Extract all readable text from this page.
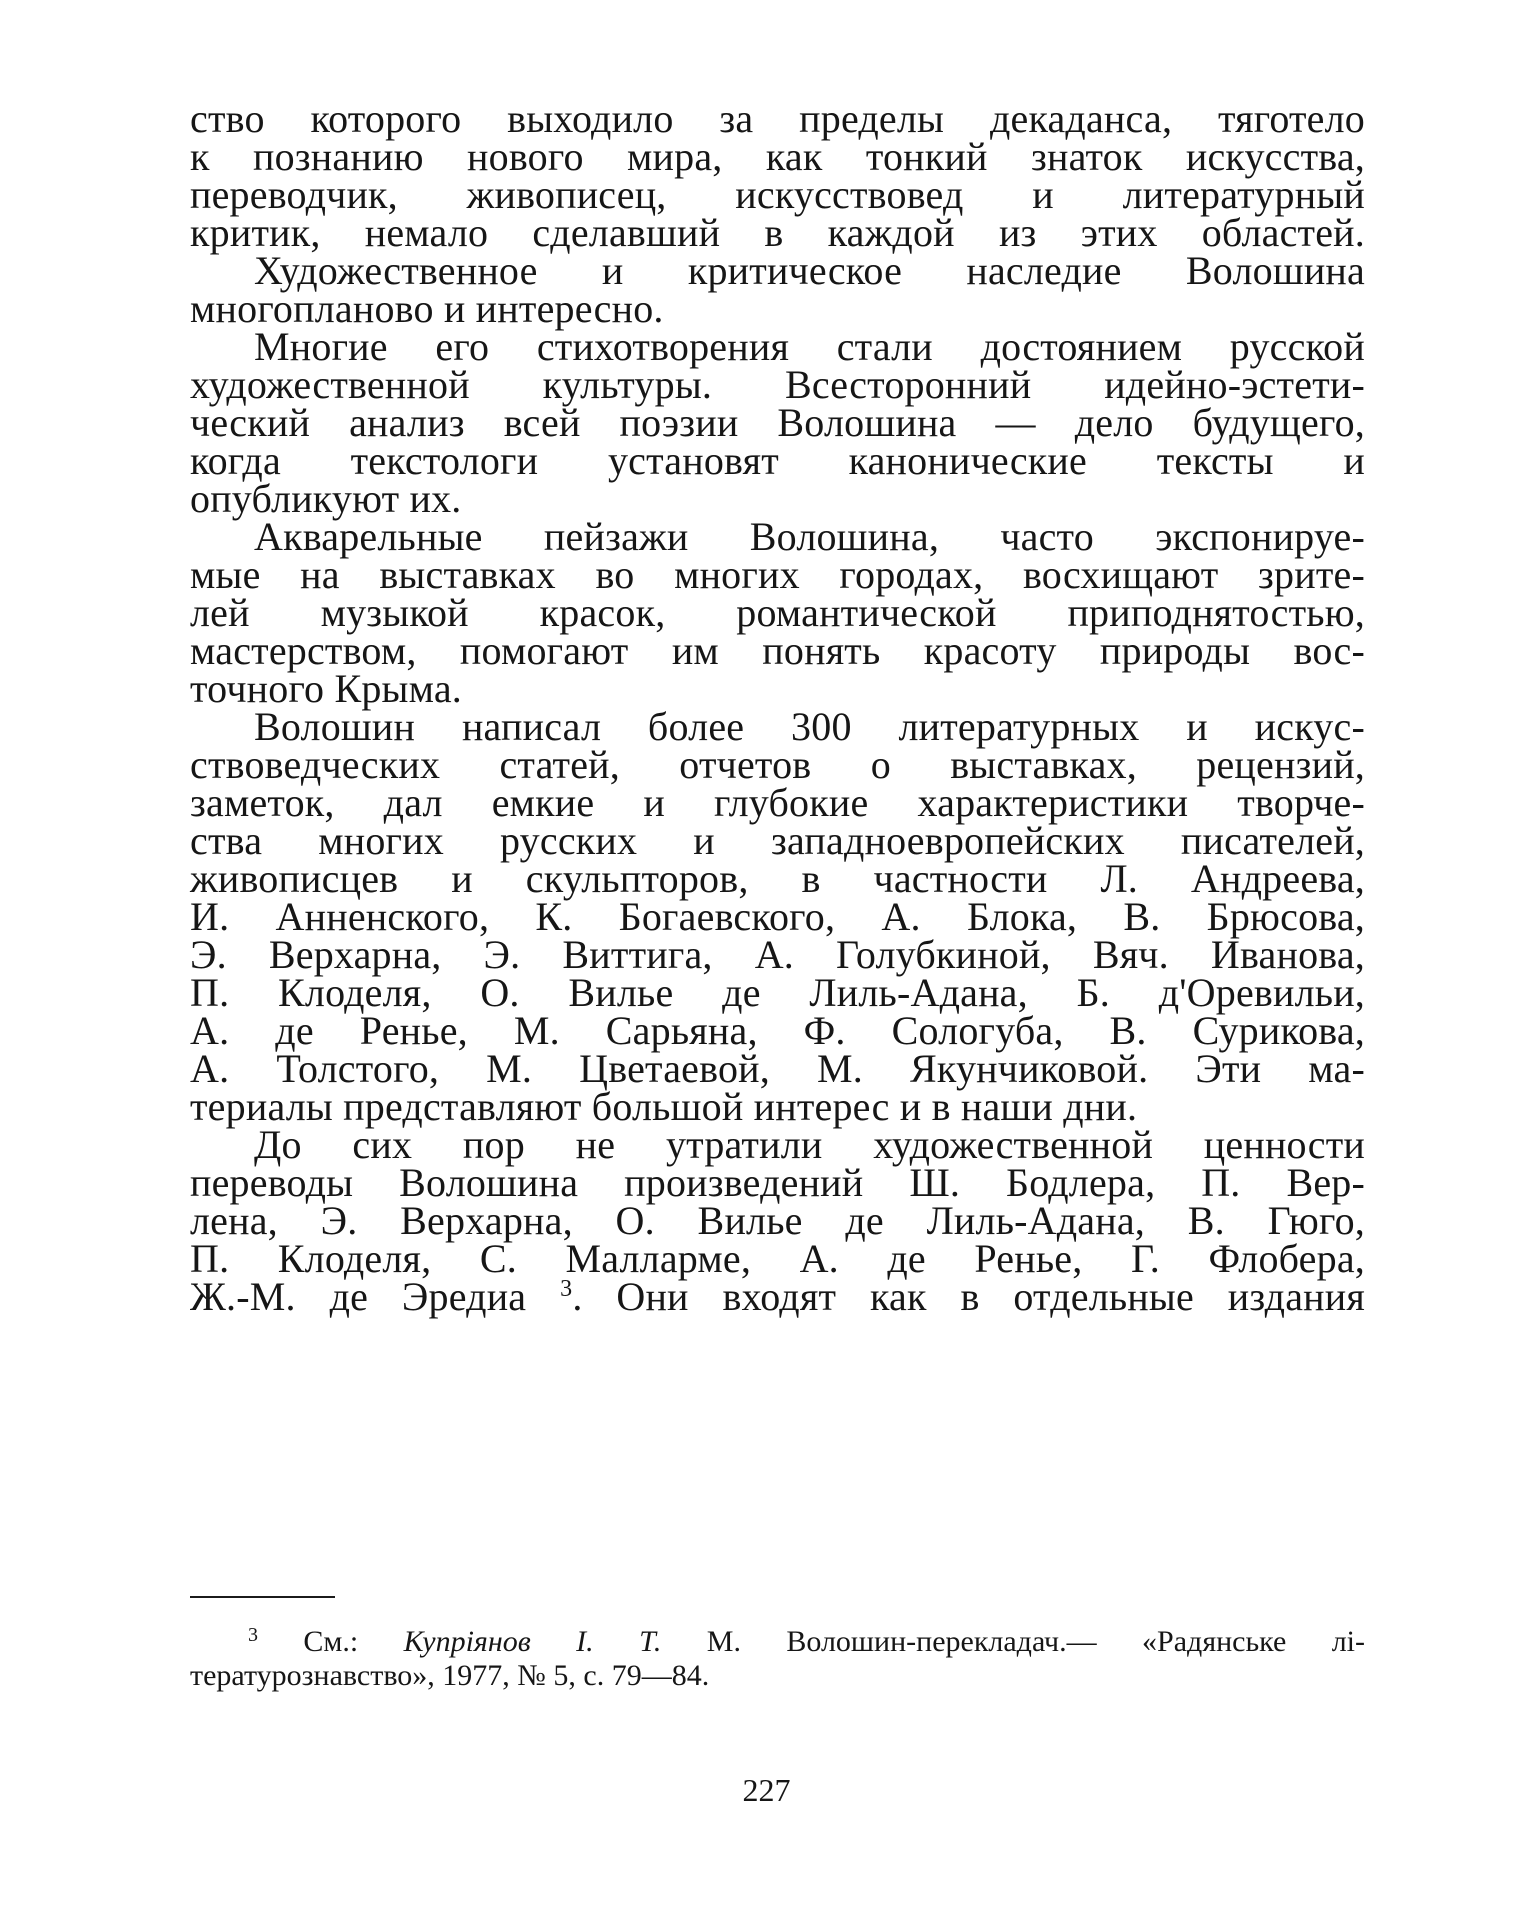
ство которого выходило за пределы декаданса, тяготело
к познанию нового мира, как тонкий знаток искусства,
переводчик, живописец, искусствовед и литературный
критик, немало сделавший в каждой из этих областей.
Художественное и критическое наследие Волошина
многопланово и интересно.
Многие его стихотворения стали достоянием русской
художественной культуры. Всесторонний идейно-эстети-
ческий анализ всей поэзии Волошина — дело будущего,
когда текстологи установят канонические тексты и
опубликуют их.
Акварельные пейзажи Волошина, часто экспонируе-
мые на выставках во многих городах, восхищают зрите-
лей музыкой красок, романтической приподнятостью,
мастерством, помогают им понять красоту природы вос-
точного Крыма.
Волошин написал более 300 литературных и искус-
ствоведческих статей, отчетов о выставках, рецензий,
заметок, дал емкие и глубокие характеристики творче-
ства многих русских и западноевропейских писателей,
живописцев и скульпторов, в частности Л. Андреева,
И. Анненского, К. Богаевского, А. Блока, В. Брюсова,
Э. Верхарна, Э. Виттига, А. Голубкиной, Вяч. Иванова,
П. Клоделя, О. Вилье де Лиль-Адана, Б. д'Оревильи,
А. де Ренье, М. Сарьяна, Ф. Сологуба, В. Сурикова,
А. Толстого, М. Цветаевой, М. Якунчиковой. Эти ма-
териалы представляют большой интерес и в наши дни.
До сих пор не утратили художественной ценности
переводы Волошина произведений Ш. Бодлера, П. Вер-
лена, Э. Верхарна, О. Вилье де Лиль-Адана, В. Гюго,
П. Клоделя, С. Малларме, А. де Ренье, Г. Флобера,
Ж.-М. де Эредиа $^3$. Они входят как в отдельные издания
$^3$ См.: Купріянов І. Т. М. Волошин-перекладач.— «Радянське лі-
тературознавство», 1977, № 5, с. 79—84.
227
